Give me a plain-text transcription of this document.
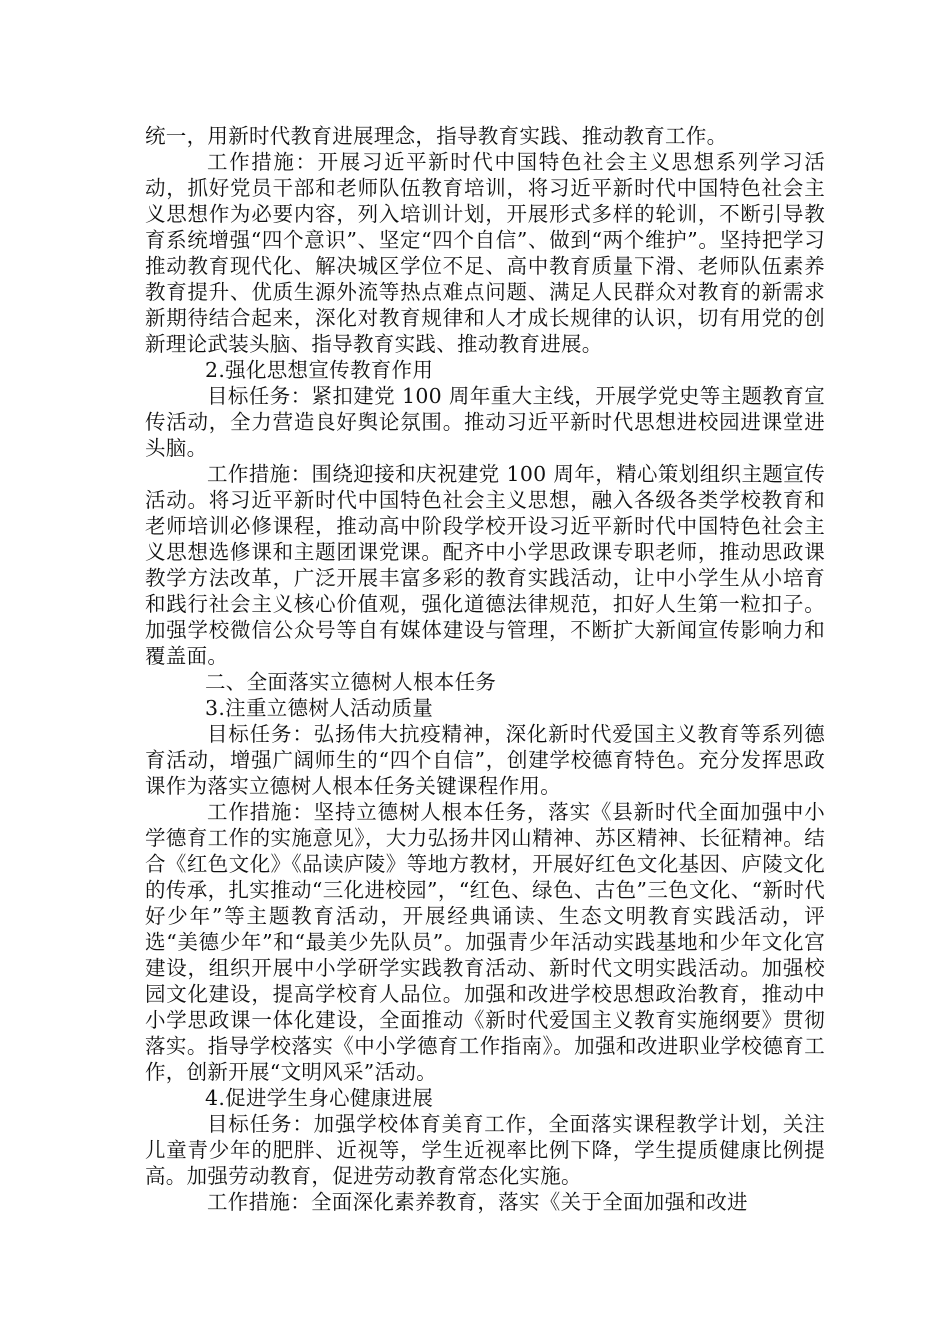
统一，用新时代教育进展理念，指导教育实践、推动教育工作。

工作措施：开展习近平新时代中国特色社会主义思想系列学习活动，抓好党员干部和老师队伍教育培训，将习近平新时代中国特色社会主义思想作为必要内容，列入培训计划，开展形式多样的轮训，不断引导教育系统增强“四个意识”、坚定“四个自信”、做到“两个维护”。坚持把学习推动教育现代化、解决城区学位不足、高中教育质量下滑、老师队伍素养教育提升、优质生源外流等热点难点问题、满足人民群众对教育的新需求新期待结合起来，深化对教育规律和人才成长规律的认识，切有用党的创新理论武装头脑、指导教育实践、推动教育进展。

2.强化思想宣传教育作用

目标任务：紧扣建党 100 周年重大主线，开展学党史等主题教育宣传活动，全力营造良好舆论氛围。推动习近平新时代思想进校园进课堂进头脑。

工作措施：围绕迎接和庆祝建党 100 周年，精心策划组织主题宣传活动。将习近平新时代中国特色社会主义思想，融入各级各类学校教育和老师培训必修课程，推动高中阶段学校开设习近平新时代中国特色社会主义思想选修课和主题团课党课。配齐中小学思政课专职老师，推动思政课教学方法改革，广泛开展丰富多彩的教育实践活动，让中小学生从小培育和践行社会主义核心价值观，强化道德法律规范，扣好人生第一粒扣子。加强学校微信公众号等自有媒体建设与管理，不断扩大新闻宣传影响力和覆盖面。

二、全面落实立德树人根本任务

3.注重立德树人活动质量

目标任务：弘扬伟大抗疫精神，深化新时代爱国主义教育等系列德育活动，增强广阔师生的“四个自信”，创建学校德育特色。充分发挥思政课作为落实立德树人根本任务关键课程作用。

工作措施：坚持立德树人根本任务，落实《县新时代全面加强中小学德育工作的实施意见》，大力弘扬井冈山精神、苏区精神、长征精神。结合《红色文化》《品读庐陵》等地方教材，开展好红色文化基因、庐陵文化的传承，扎实推动“三化进校园”，“红色、绿色、古色”三色文化、“新时代好少年”等主题教育活动，开展经典诵读、生态文明教育实践活动，评选“美德少年”和“最美少先队员”。加强青少年活动实践基地和少年文化宫建设，组织开展中小学研学实践教育活动、新时代文明实践活动。加强校园文化建设，提高学校育人品位。加强和改进学校思想政治教育，推动中小学思政课一体化建设，全面推动《新时代爱国主义教育实施纲要》贯彻落实。指导学校落实《中小学德育工作指南》。加强和改进职业学校德育工作，创新开展“文明风采”活动。

4.促进学生身心健康进展

目标任务：加强学校体育美育工作，全面落实课程教学计划，关注儿童青少年的肥胖、近视等，学生近视率比例下降，学生提质健康比例提高。加强劳动教育，促进劳动教育常态化实施。

工作措施：全面深化素养教育，落实《关于全面加强和改进
